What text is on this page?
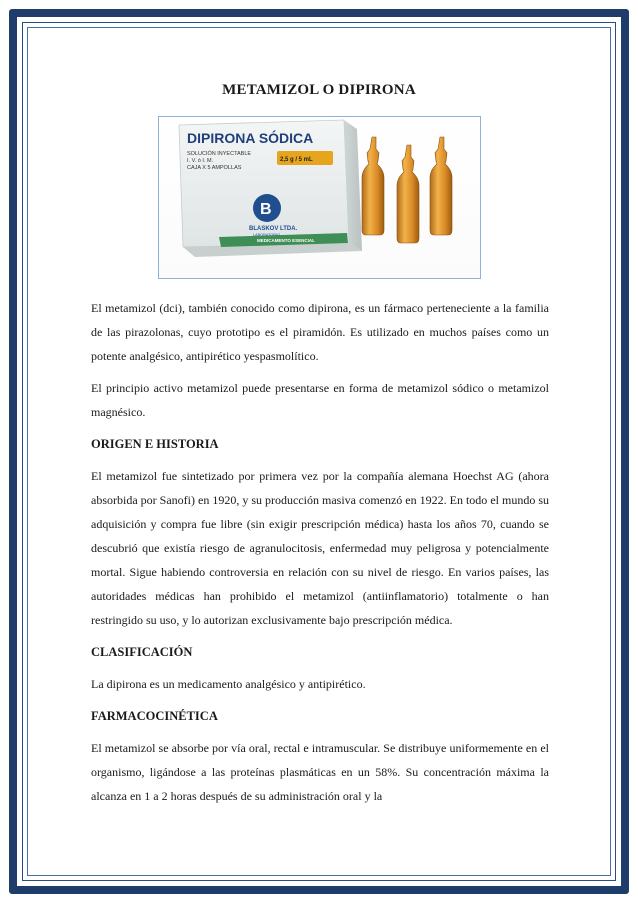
METAMIZOL O DIPIRONA
DIPIRONA SÓDICA
SOLUCIÓN INYECTABLE
I. V. ó I. M.
CAJA X 5 AMPOLLAS
2,5 g / 5 mL
B
BLASKOV LTDA.
LABORATORIO
MEDICAMENTO ESENCIAL

El metamizol (dci), también conocido como dipirona, es un fármaco perteneciente a la familia de las pirazolonas, cuyo prototipo es el piramidón. Es utilizado en muchos países como un potente analgésico, antipirético yespasmolítico.

El principio activo metamizol puede presentarse en forma de metamizol sódico o metamizol magnésico.

ORIGEN E HISTORIA

El metamizol fue sintetizado por primera vez por la compañía alemana Hoechst AG (ahora absorbida por Sanofi) en 1920, y su producción masiva comenzó en 1922. En todo el mundo su adquisición y compra fue libre (sin exigir prescripción médica) hasta los años 70, cuando se descubrió que existía riesgo de agranulocitosis, enfermedad muy peligrosa y potencialmente mortal. Sigue habiendo controversia en relación con su nivel de riesgo. En varios países, las autoridades médicas han prohibido el metamizol (antiinflamatorio) totalmente o han restringido su uso, y lo autorizan exclusivamente bajo prescripción médica.

CLASIFICACIÓN

La dipirona es un medicamento analgésico y antipirético.

FARMACOCINÉTICA

El metamizol se absorbe por vía oral, rectal e intramuscular. Se distribuye uniformemente en el organismo, ligándose a las proteínas plasmáticas en un 58%. Su concentración máxima la alcanza en 1 a 2 horas después de su administración oral y la
